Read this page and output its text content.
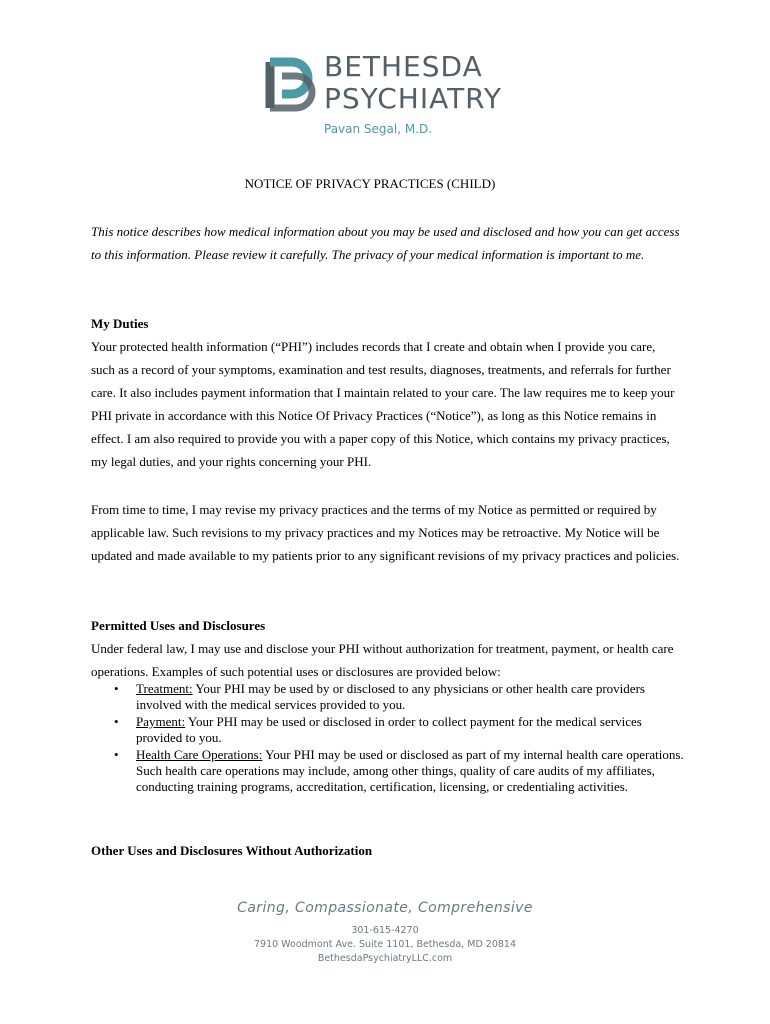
BETHESDA
PSYCHIATRY
Pavan Segal, M.D.
NOTICE OF PRIVACY PRACTICES (CHILD)
This notice describes how medical information about you may be used and disclosed and how you can get access to this information. Please review it carefully. The privacy of your medical information is important to me.
My Duties
Your protected health information (“PHI”) includes records that I create and obtain when I provide you care, such as a record of your symptoms, examination and test results, diagnoses, treatments, and referrals for further care. It also includes payment information that I maintain related to your care. The law requires me to keep your PHI private in accordance with this Notice Of Privacy Practices (“Notice”), as long as this Notice remains in effect. I am also required to provide you with a paper copy of this Notice, which contains my privacy practices, my legal duties, and your rights concerning your PHI.
From time to time, I may revise my privacy practices and the terms of my Notice as permitted or required by applicable law. Such revisions to my privacy practices and my Notices may be retroactive. My Notice will be updated and made available to my patients prior to any significant revisions of my privacy practices and policies.
Permitted Uses and Disclosures
Under federal law, I may use and disclose your PHI without authorization for treatment, payment, or health care operations. Examples of such potential uses or disclosures are provided below:
• Treatment: Your PHI may be used by or disclosed to any physicians or other health care providers involved with the medical services provided to you.
• Payment: Your PHI may be used or disclosed in order to collect payment for the medical services provided to you.
• Health Care Operations: Your PHI may be used or disclosed as part of my internal health care operations. Such health care operations may include, among other things, quality of care audits of my affiliates, conducting training programs, accreditation, certification, licensing, or credentialing activities.
Other Uses and Disclosures Without Authorization
Caring, Compassionate, Comprehensive
301-615-4270
7910 Woodmont Ave. Suite 1101, Bethesda, MD 20814
BethesdaPsychiatryLLC.com
